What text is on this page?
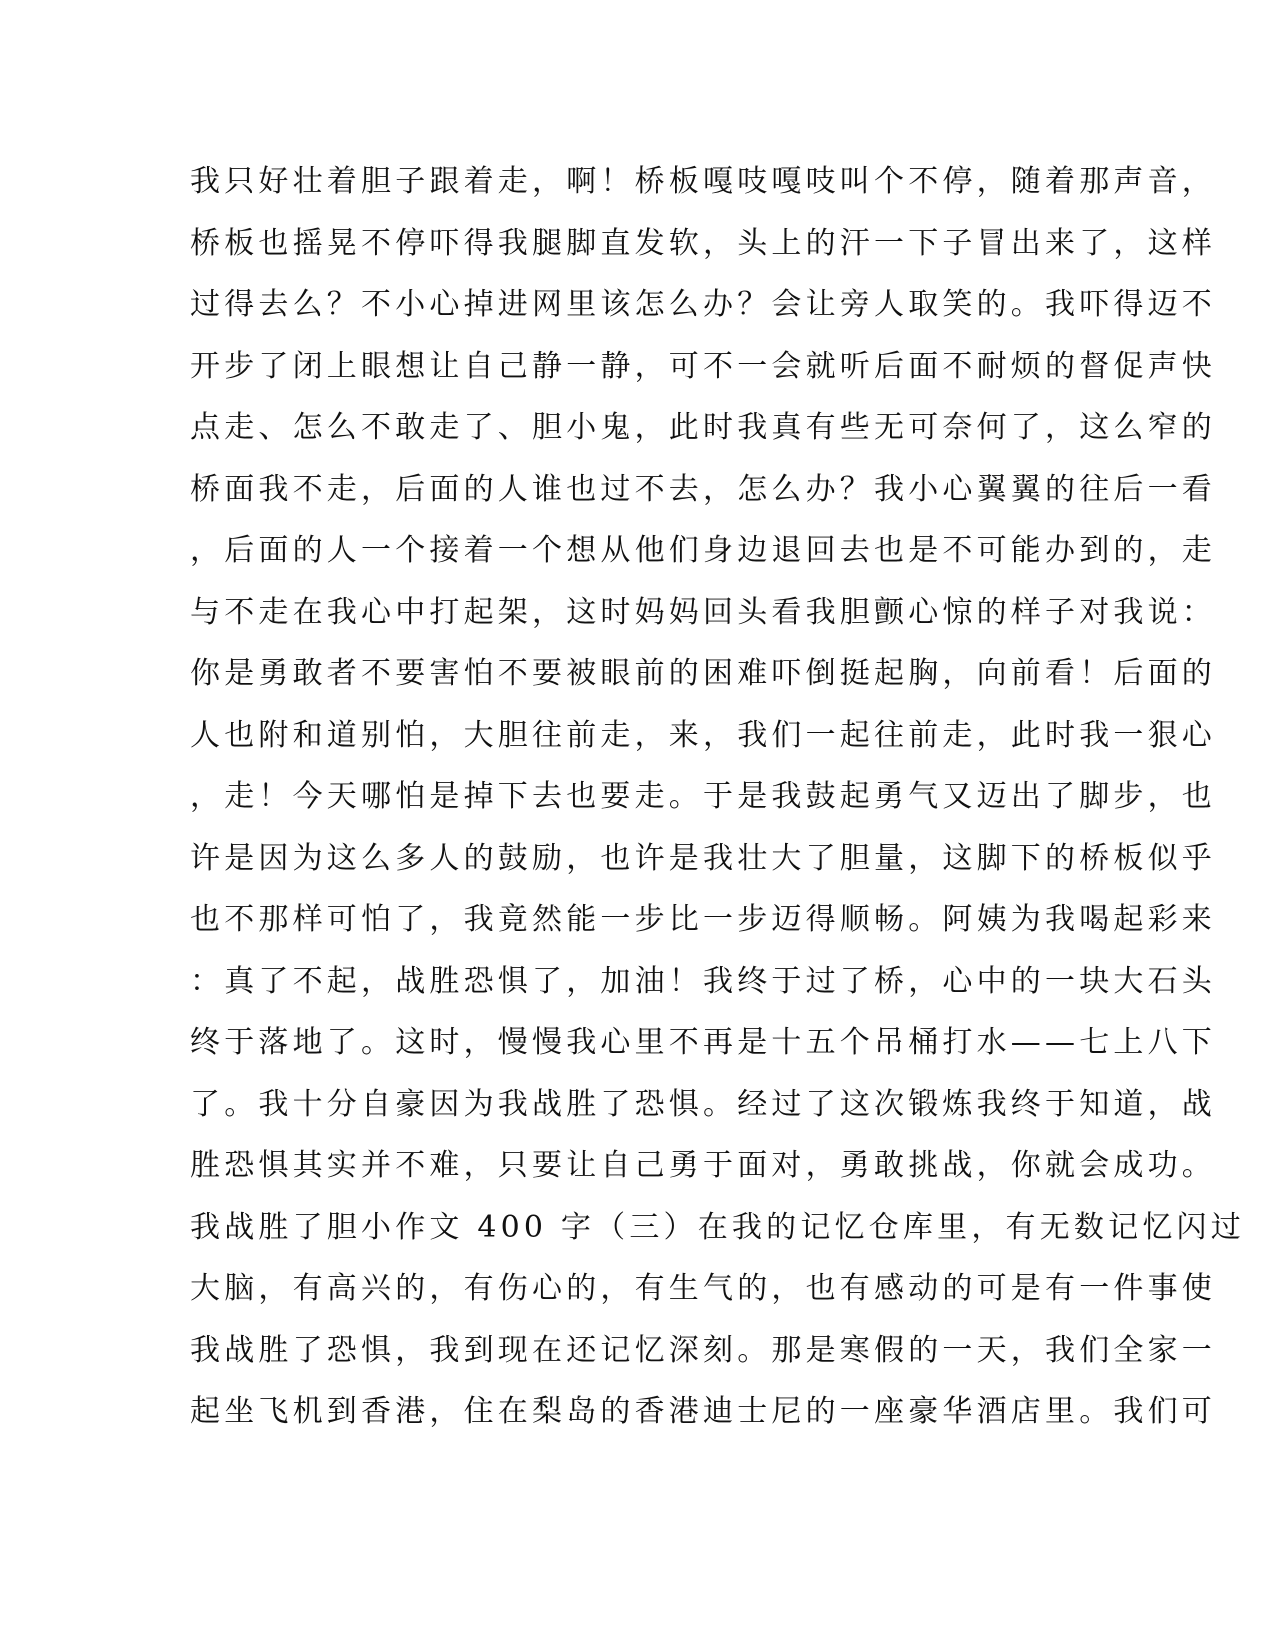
我只好壮着胆子跟着走，啊！桥板嘎吱嘎吱叫个不停，随着那声音，
桥板也摇晃不停吓得我腿脚直发软，头上的汗一下子冒出来了，这样
过得去么？不小心掉进网里该怎么办？会让旁人取笑的。我吓得迈不
开步了闭上眼想让自己静一静，可不一会就听后面不耐烦的督促声快
点走、怎么不敢走了、胆小鬼，此时我真有些无可奈何了，这么窄的
桥面我不走，后面的人谁也过不去，怎么办？我小心翼翼的往后一看
，后面的人一个接着一个想从他们身边退回去也是不可能办到的，走
与不走在我心中打起架，这时妈妈回头看我胆颤心惊的样子对我说：
你是勇敢者不要害怕不要被眼前的困难吓倒挺起胸，向前看！后面的
人也附和道别怕，大胆往前走，来，我们一起往前走，此时我一狠心
，走！今天哪怕是掉下去也要走。于是我鼓起勇气又迈出了脚步，也
许是因为这么多人的鼓励，也许是我壮大了胆量，这脚下的桥板似乎
也不那样可怕了，我竟然能一步比一步迈得顺畅。阿姨为我喝起彩来
：真了不起，战胜恐惧了，加油！我终于过了桥，心中的一块大石头
终于落地了。这时，慢慢我心里不再是十五个吊桶打水——七上八下
了。我十分自豪因为我战胜了恐惧。经过了这次锻炼我终于知道，战
胜恐惧其实并不难，只要让自己勇于面对，勇敢挑战，你就会成功。
我战胜了胆小作文 400 字（三）在我的记忆仓库里，有无数记忆闪过
大脑，有高兴的，有伤心的，有生气的，也有感动的可是有一件事使
我战胜了恐惧，我到现在还记忆深刻。那是寒假的一天，我们全家一
起坐飞机到香港，住在梨岛的香港迪士尼的一座豪华酒店里。我们可
